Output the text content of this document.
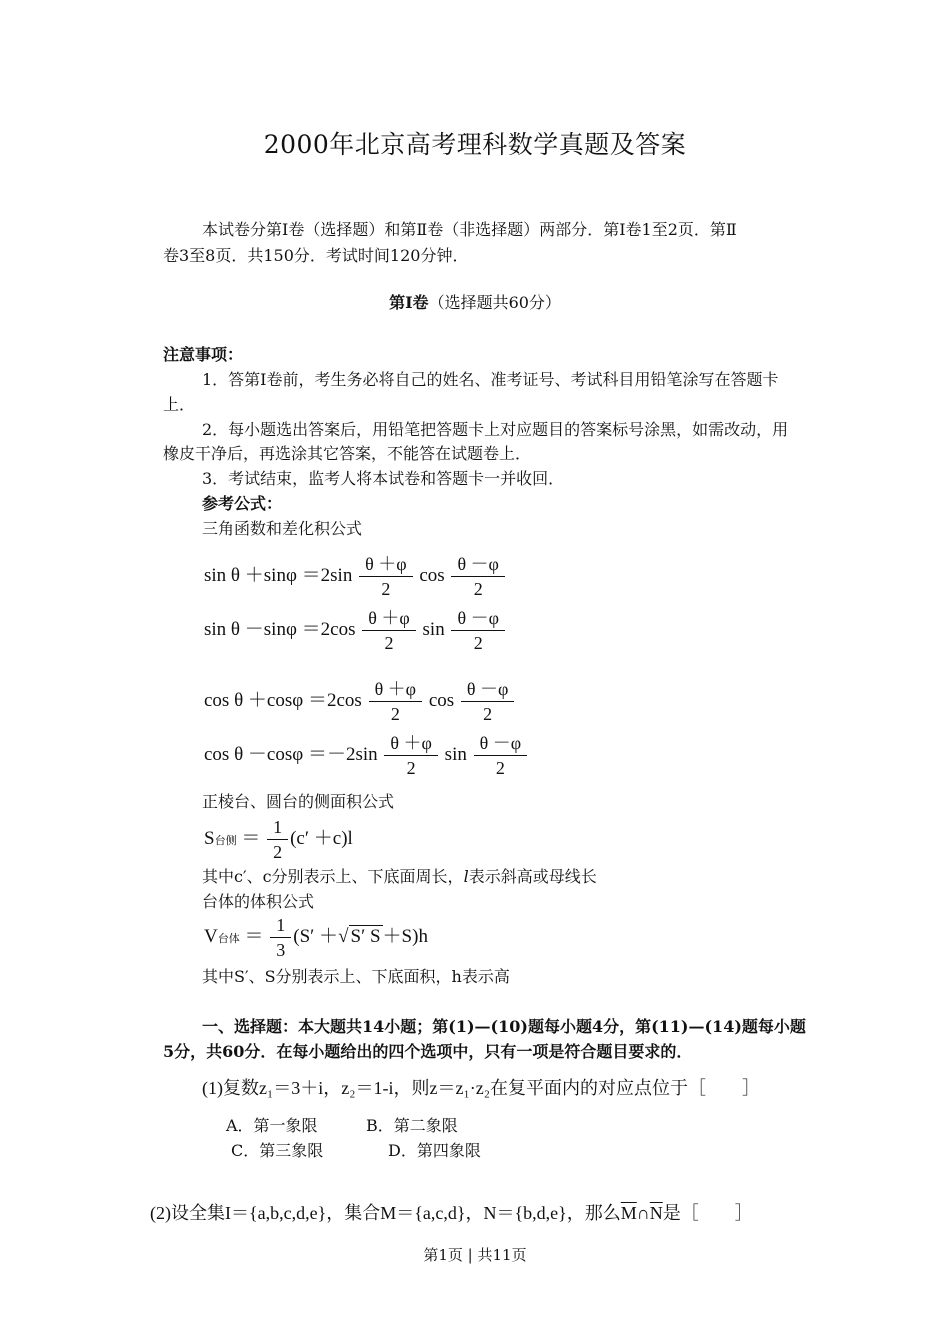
2000年北京高考理科数学真题及答案
本试卷分第Ⅰ卷（选择题）和第Ⅱ卷（非选择题）两部分．第Ⅰ卷1至2页．第Ⅱ
卷3至8页．共150分．考试时间120分钟．
第Ⅰ卷（选择题共60分）
注意事项：
1．答第Ⅰ卷前，考生务必将自己的姓名、准考证号、考试科目用铅笔涂写在答题卡
上．
2．每小题选出答案后，用铅笔把答题卡上对应题目的答案标号涂黑，如需改动，用
橡皮干净后，再选涂其它答案，不能答在试题卷上．
3．考试结束，监考人将本试卷和答题卡一并收回．
参考公式：
三角函数和差化积公式
$\sin \theta +\sin\varphi =2\sin \frac{\theta +\varphi}{2}$ $\cos \frac{\theta -\varphi}{2}$
$\sin \theta -\sin\varphi =2\cos \frac{\theta +\varphi}{2}$ $\sin \frac{\theta -\varphi}{2}$
$\cos \theta +\cos\varphi =2\cos \frac{\theta +\varphi}{2}$ $\cos \frac{\theta -\varphi}{2}$
$\cos \theta -\cos\varphi =-2\sin \frac{\theta +\varphi}{2}$ $\sin \frac{\theta -\varphi}{2}$
正棱台、圆台的侧面积公式
S台侧 ＝ $\frac{1}{2} (c' +c)l$
其中c′、c分别表示上、下底面周长，l表示斜高或母线长
台体的体积公式
V台体 ＝ $\frac{1}{3} (S'$ ＋√ S′ S ＋S)h
其中S′、S分别表示上、下底面积，h表示高
一、选择题：本大题共14小题；第(1)—(10)题每小题4分，第(11)—(14)题每小题
5分，共60分．在每小题给出的四个选项中，只有一项是符合题目要求的．
(1)复数z₁＝3＋i，z₂＝1-i，则z＝z₁·z₂在复平面内的对应点位于［　　］
A．第一象限	B．第二象限
C．第三象限	D．第四象限
(2)设全集I＝{a,b,c,d,e}，集合M＝{a,c,d}，N＝{b,d,e}，那么$\overline{M}\cap\overline{N}$是［　　］
第1页 | 共11页
